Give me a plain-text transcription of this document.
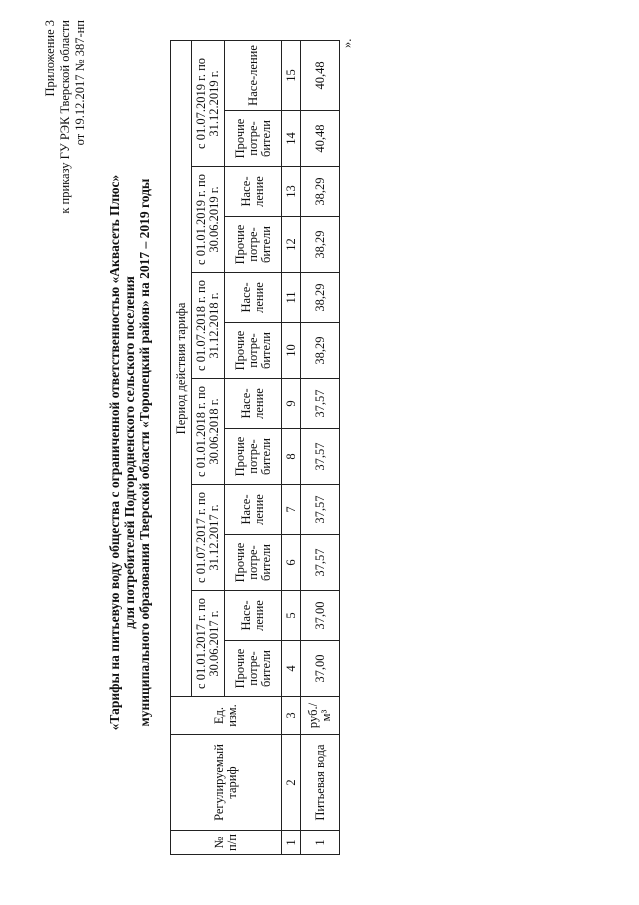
Приложение 3 к приказу ГУ РЭК Тверской области от 19.12.2017 № 387-нп
«Тарифы на питьевую воду общества с ограниченной ответственностью «Аквасеть Плюс» для потребителей Подгородненского сельского поселения муниципального образования Тверской области «Торопецкий район» на 2017 – 2019 годы
№ п/п	Регулируемый тариф	Ед. изм.	Период действия тарифа											
			с 01.01.2017 г. по 30.06.2017 г.		с 01.07.2017 г. по 31.12.2017 г.		с 01.01.2018 г. по 30.06.2018 г.		с 01.07.2018 г. по 31.12.2018 г.		с 01.01.2019 г. по 30.06.2019 г.		с 01.07.2019 г. по 31.12.2019 г.	
			Прочие потре-бители	Насе-ление	Прочие потре-бители	Насе-ление	Прочие потре-бители	Насе-ление	Прочие потре-бители	Насе-ление	Прочие потре-бители	Насе-ление	Прочие потре-бители	Насе-ление
1	2	3	4	5	6	7	8	9	10	11	12	13	14	15
1	Питьевая вода	руб./м³	37,00	37,00	37,57	37,57	37,57	37,57	38,29	38,29	38,29	38,29	40,48	40,48
».
